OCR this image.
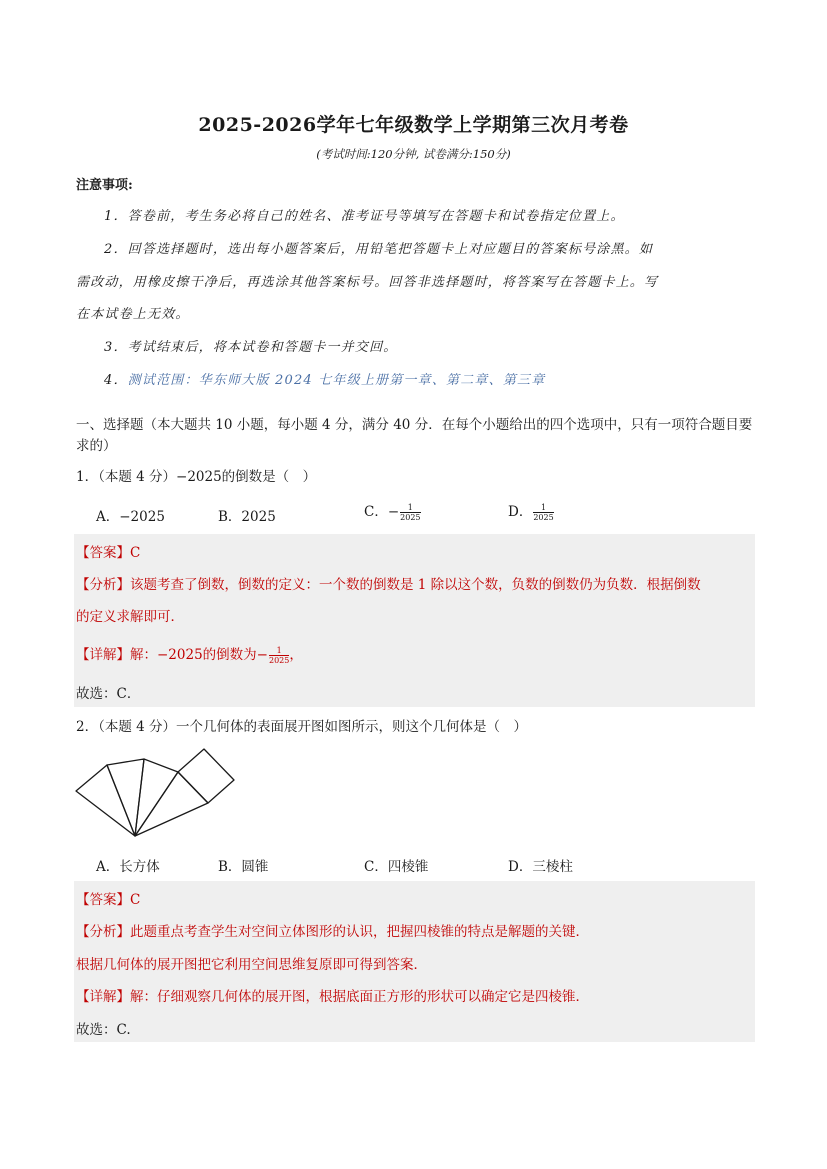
2025-2026学年七年级数学上学期第三次月考卷
(考试时间:120分钟, 试卷满分:150分)
注意事项:
1．答卷前，考生务必将自己的姓名、准考证号等填写在答题卡和试卷指定位置上。
2．回答选择题时，选出每小题答案后，用铅笔把答题卡上对应题目的答案标号涂黑。如
需改动，用橡皮擦干净后，再选涂其他答案标号。回答非选择题时，将答案写在答题卡上。写
在本试卷上无效。
3．考试结束后，将本试卷和答题卡一并交回。
4．测试范围：华东师大版 2024 七年级上册第一章、第二章、第三章
一、选择题（本大题共 10 小题，每小题 4 分，满分 40 分．在每个小题给出的四个选项中，只有一项符合题目要求的）
1．（本题 4 分）−2025的倒数是（　）
A．−2025	B．2025	C．− $\frac{1}{2025}$	D． $\frac{1}{2025}$
【答案】C
【分析】该题考查了倒数，倒数的定义：一个数的倒数是 1 除以这个数，负数的倒数仍为负数．根据倒数
的定义求解即可．
【详解】解：−2025的倒数为− $\frac{1}{2025}$ ，
故选：C．
2．（本题 4 分）一个几何体的表面展开图如图所示，则这个几何体是（　）
A．长方体	B．圆锥	C．四棱锥	D．三棱柱
【答案】C
【分析】此题重点考查学生对空间立体图形的认识，把握四棱锥的特点是解题的关键．
根据几何体的展开图把它利用空间思维复原即可得到答案．
【详解】解：仔细观察几何体的展开图，根据底面正方形的形状可以确定它是四棱锥．
故选：C.
